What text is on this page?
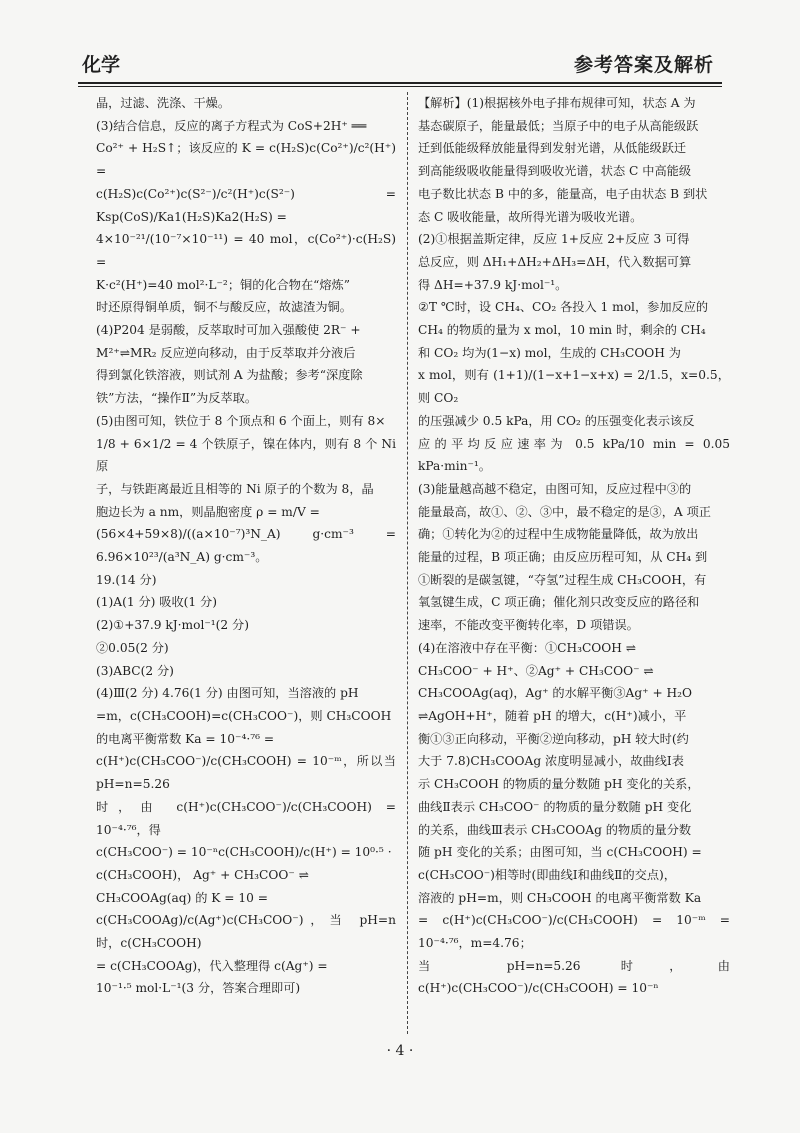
化学	参考答案及解析

晶，过滤、洗涤、干燥。

(3)结合信息，反应的离子方程式为 CoS+2H⁺ ══

Co²⁺ + H₂S↑；该反应的 K = c(H₂S)c(Co²⁺)/c²(H⁺) =

c(H₂S)c(Co²⁺)c(S²⁻)/c²(H⁺)c(S²⁻) = Ksp(CoS)/Ka1(H₂S)Ka2(H₂S) =

4×10⁻²¹/(10⁻⁷×10⁻¹¹) = 40 mol，c(Co²⁺)·c(H₂S) =

K·c²(H⁺)=40 mol²·L⁻²；铜的化合物在“熔炼”

时还原得铜单质，铜不与酸反应，故滤渣为铜。

(4)P204 是弱酸，反萃取时可加入强酸使 2R⁻ +

M²⁺⇌MR₂ 反应逆向移动，由于反萃取并分液后

得到氯化铁溶液，则试剂 A 为盐酸；参考“深度除

铁”方法，“操作Ⅱ”为反萃取。

(5)由图可知，铁位于 8 个顶点和 6 个面上，则有 8×

1/8 + 6×1/2 = 4 个铁原子，镍在体内，则有 8 个 Ni 原

子，与铁距离最近且相等的 Ni 原子的个数为 8，晶

胞边长为 a nm，则晶胞密度 ρ = m/V =

(56×4+59×8)/((a×10⁻⁷)³N_A) g·cm⁻³ = 6.96×10²³/(a³N_A) g·cm⁻³。

19.(14 分)

(1)A(1 分) 吸收(1 分)

(2)①+37.9 kJ·mol⁻¹(2 分)

②0.05(2 分)

(3)ABC(2 分)

(4)Ⅲ(2 分) 4.76(1 分) 由图可知，当溶液的 pH

=m，c(CH₃COOH)=c(CH₃COO⁻)，则 CH₃COOH

的电离平衡常数 Ka = 10⁻⁴·⁷⁶ =

c(H⁺)c(CH₃COO⁻)/c(CH₃COOH) = 10⁻ᵐ，所以当 pH=n=5.26

时，由 c(H⁺)c(CH₃COO⁻)/c(CH₃COOH) = 10⁻⁴·⁷⁶，得

c(CH₃COO⁻) = 10⁻ⁿc(CH₃COOH)/c(H⁺) = 10⁰·⁵ ·

c(CH₃COOH)， Ag⁺ + CH₃COO⁻ ⇌

CH₃COOAg(aq) 的 K = 10 =

c(CH₃COOAg)/c(Ag⁺)c(CH₃COO⁻)，当 pH=n 时，c(CH₃COOH)

= c(CH₃COOAg)，代入整理得 c(Ag⁺) =

10⁻¹·⁵ mol·L⁻¹(3 分，答案合理即可)

【解析】(1)根据核外电子排布规律可知，状态 A 为

基态碳原子，能量最低；当原子中的电子从高能级跃

迁到低能级释放能量得到发射光谱，从低能级跃迁

到高能级吸收能量得到吸收光谱，状态 C 中高能级

电子数比状态 B 中的多，能量高，电子由状态 B 到状

态 C 吸收能量，故所得光谱为吸收光谱。

(2)①根据盖斯定律，反应 1+反应 2+反应 3 可得

总反应，则 ΔH₁+ΔH₂+ΔH₃=ΔH，代入数据可算

得 ΔH=+37.9 kJ·mol⁻¹。

②T ℃时，设 CH₄、CO₂ 各投入 1 mol，参加反应的

CH₄ 的物质的量为 x mol，10 min 时，剩余的 CH₄

和 CO₂ 均为(1−x) mol，生成的 CH₃COOH 为

x mol，则有 (1+1)/(1−x+1−x+x) = 2/1.5，x=0.5，则 CO₂

的压强减少 0.5 kPa，用 CO₂ 的压强变化表示该反

应的平均反应速率为 0.5 kPa/10 min = 0.05 kPa·min⁻¹。

(3)能量越高越不稳定，由图可知，反应过程中③的

能量最高，故①、②、③中，最不稳定的是③，A 项正

确；①转化为②的过程中生成物能量降低，故为放出

能量的过程，B 项正确；由反应历程可知，从 CH₄ 到

①断裂的是碳氢键，“夺氢”过程生成 CH₃COOH，有

氧氢键生成，C 项正确；催化剂只改变反应的路径和

速率，不能改变平衡转化率，D 项错误。

(4)在溶液中存在平衡：①CH₃COOH ⇌

CH₃COO⁻ + H⁺、②Ag⁺ + CH₃COO⁻ ⇌

CH₃COOAg(aq)，Ag⁺ 的水解平衡③Ag⁺ + H₂O

⇌AgOH+H⁺，随着 pH 的增大，c(H⁺)减小，平

衡①③正向移动，平衡②逆向移动，pH 较大时(约

大于 7.8)CH₃COOAg 浓度明显减小，故曲线Ⅰ表

示 CH₃COOH 的物质的量分数随 pH 变化的关系，

曲线Ⅱ表示 CH₃COO⁻ 的物质的量分数随 pH 变化

的关系，曲线Ⅲ表示 CH₃COOAg 的物质的量分数

随 pH 变化的关系；由图可知，当 c(CH₃COOH) =

c(CH₃COO⁻)相等时(即曲线Ⅰ和曲线Ⅱ的交点)，

溶液的 pH=m，则 CH₃COOH 的电离平衡常数 Ka

= c(H⁺)c(CH₃COO⁻)/c(CH₃COOH) = 10⁻ᵐ = 10⁻⁴·⁷⁶，m=4.76；

当 pH=n=5.26 时，由 c(H⁺)c(CH₃COO⁻)/c(CH₃COOH) = 10⁻ⁿ

· 4 ·
